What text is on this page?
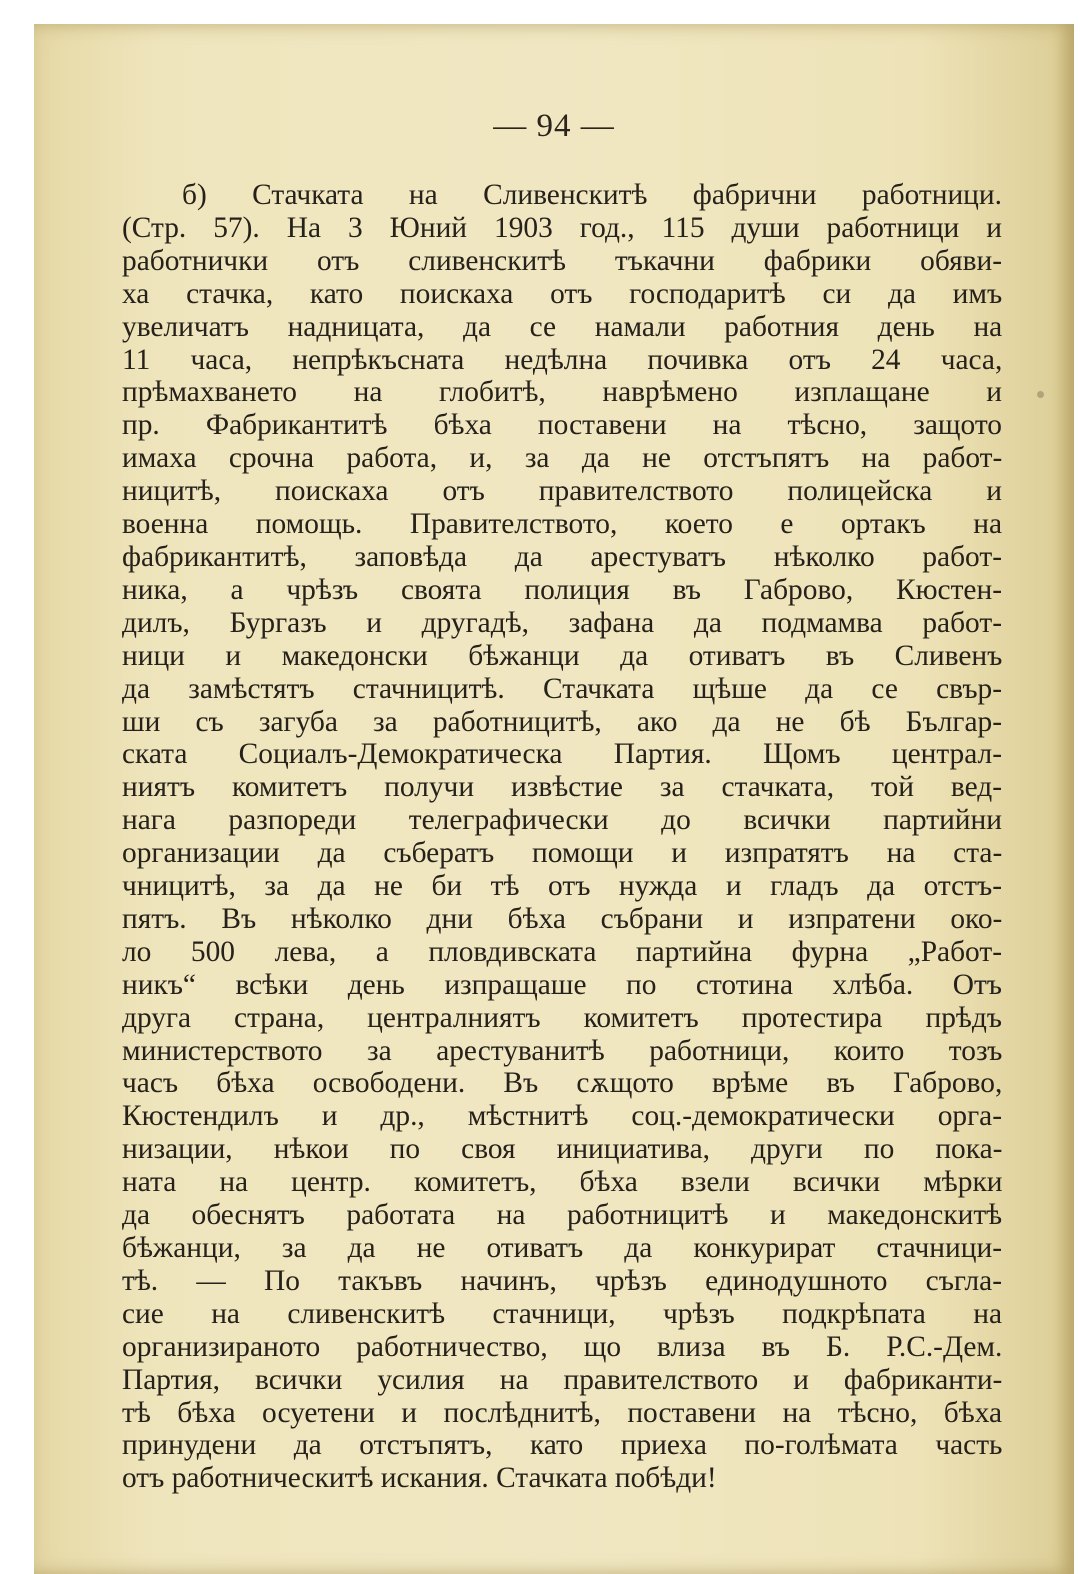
— 94 —
б) Стачката на Сливенскитѣ фабрични работници.
(Стр. 57). На 3 Юний 1903 год., 115 души работници и
работнички отъ сливенскитѣ тъкачни фабрики обяви-
ха стачка, като поискаха отъ господаритѣ си да имъ
увеличатъ надницата, да се намали работния день на
11 часа, непрѣкъсната недѣлна почивка отъ 24 часа,
прѣмахването на глобитѣ, наврѣмено изплащане и
пр. Фабрикантитѣ бѣха поставени на тѣсно, защото
имаха срочна работа, и, за да не отстъпятъ на работ-
ницитѣ, поискаха отъ правителството полицейска и
военна помощь. Правителството, което е ортакъ на
фабрикантитѣ, заповѣда да арестуватъ нѣколко работ-
ника, а чрѣзъ своята полиция въ Габрово, Кюстен-
дилъ, Бургазъ и другадѣ, зафана да подмамва работ-
ници и македонски бѣжанци да отиватъ въ Сливенъ
да замѣстятъ стачницитѣ. Стачката щѣше да се свър-
ши съ загуба за работницитѣ, ако да не бѣ Българ-
ската Социалъ-Демократическа Партия. Щомъ централ-
ниятъ комитетъ получи извѣстие за стачката, той вед-
нага разпореди телеграфически до всички партийни
организации да събератъ помощи и изпратятъ на ста-
чницитѣ, за да не би тѣ отъ нужда и гладъ да отстъ-
пятъ. Въ нѣколко дни бѣха събрани и изпратени око-
ло 500 лева, а пловдивската партийна фурна „Работ-
никъ“ всѣки день изпращаше по стотина хлѣба. Отъ
друга страна, централниятъ комитетъ протестира прѣдъ
министерството за арестуванитѣ работници, които тозъ
часъ бѣха освободени. Въ сѫщото врѣме въ Габрово,
Кюстендилъ и др., мѣстнитѣ соц.-демократически орга-
низации, нѣкои по своя инициатива, други по пока-
ната на центр. комитетъ, бѣха взели всички мѣрки
да обеснятъ работата на работницитѣ и македонскитѣ
бѣжанци, за да не отиватъ да конкурират стачници-
тѣ. — По такъвъ начинъ, чрѣзъ единодушното съгла-
сие на сливенскитѣ стачници, чрѣзъ подкрѣпата на
организираното работничество, що влиза въ Б. Р.С.-Дем.
Партия, всички усилия на правителството и фабриканти-
тѣ бѣха осуетени и послѣднитѣ, поставени на тѣсно, бѣха
принудени да отстъпятъ, като приеха по-голѣмата часть
отъ работническитѣ искания. Стачката побѣди!
